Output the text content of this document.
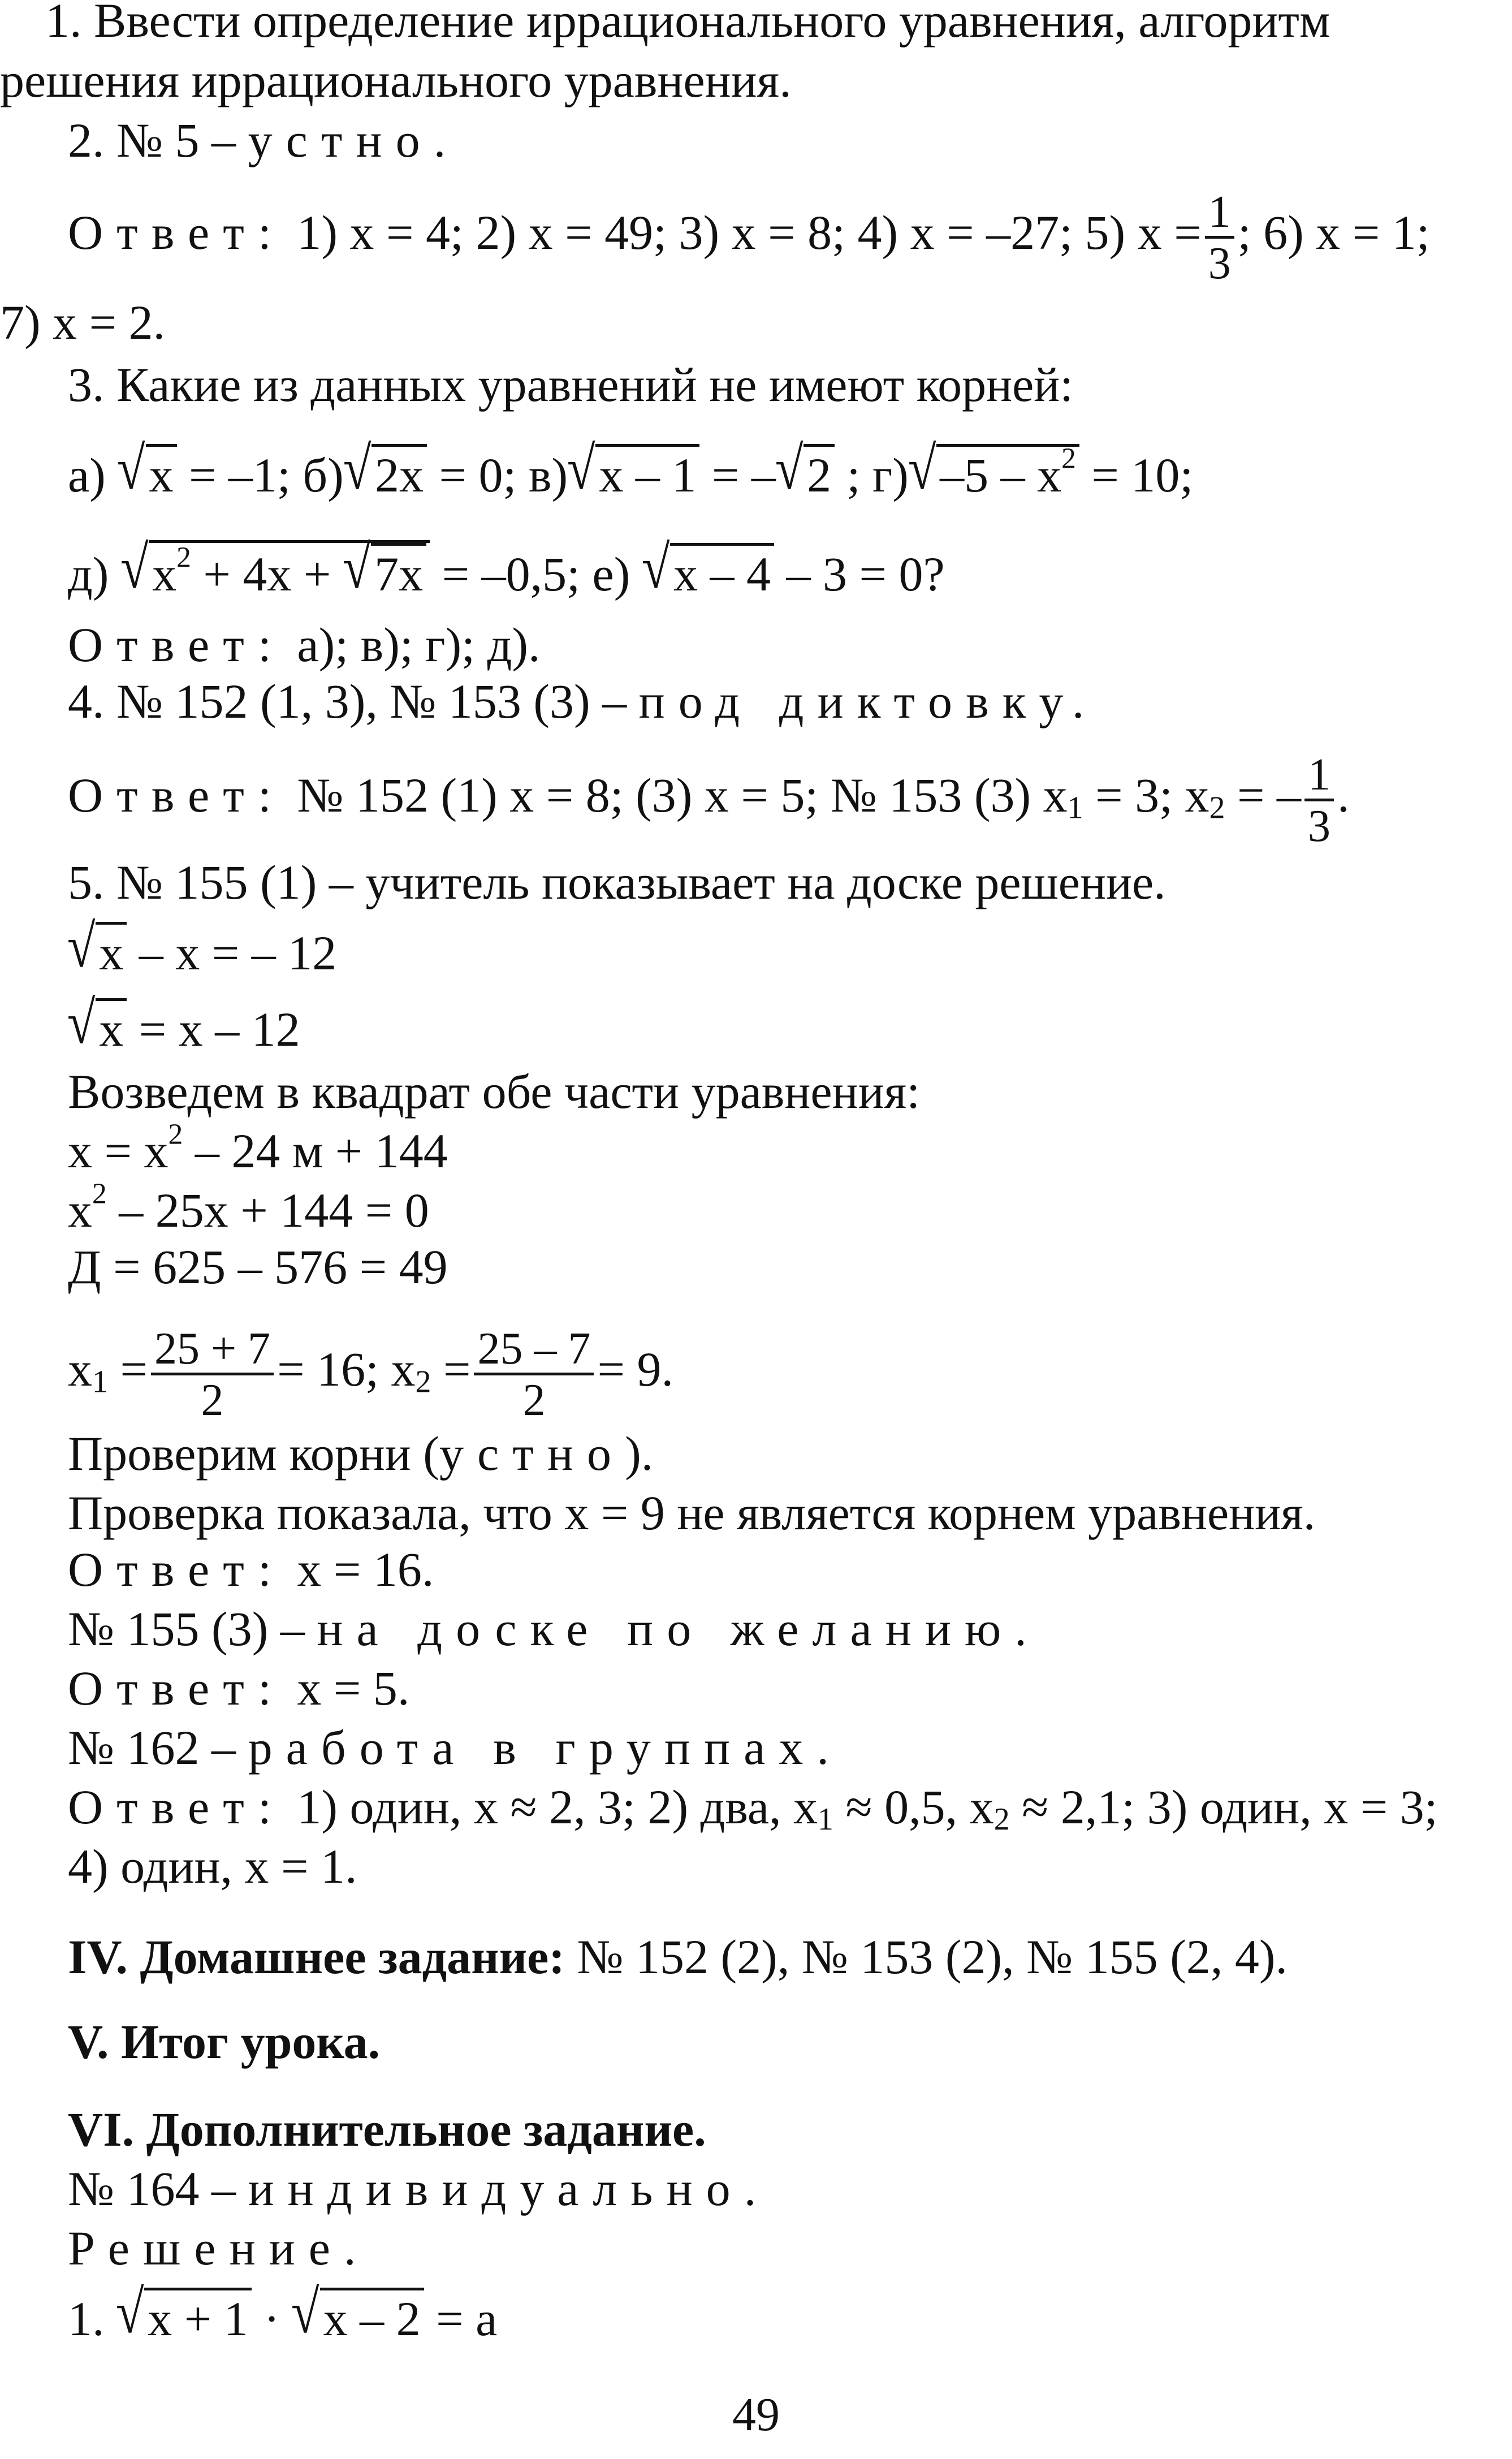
1. Ввести определение иррационального уравнения, алгоритм
решения иррационального уравнения.
2. № 5 – устно.
Ответ: 1) x = 4; 2) x = 49; 3) x = 8; 4) x = –27; 5) $x = \frac{1}{3}$ ; 6) x = 1;
7) x = 2.
3. Какие из данных уравнений не имеют корней:
а) √x = –1; б)√2x = 0; в)√x – 1 = –√2 ; $г)√-5 - x^2 = 10$;
д) $√x^2 + 4x + √7x = -0,5$; е) √x – 4 – 3 = 0?
Ответ: а); в); г); д).
4. № 152 (1, 3), № 153 (3) – под диктовку.
Ответ: № 152 (1) x = 8; (3) x = 5; № 153 (3) $x_1 = 3$; $x_2$ = – $\frac{1}{3}$ .
5. № 155 (1) – учитель показывает на доске решение.
√x – x = – 12
√x = x – 12
Возведем в квадрат обе части уравнения:
$x = x^2 - 24$ м + 144
$x^2 - 25x + 144 = 0$
Д = 625 – 576 = 49
$x_1 = \frac{25 + 7}{2} = 16$; $x_2 = \frac{25 - 7}{2} = 9$.
Проверим корни (устно).
Проверка показала, что x = 9 не является корнем уравнения.
Ответ: x = 16.
№ 155 (3) – на доске по желанию.
Ответ: x = 5.
№ 162 – работа в группах.
Ответ: 1) один, x ≈ 2, 3; 2) два, $x_1 \approx 0,5$, $x_2 \approx 2,1$; 3) один, x = 3;
4) один, x = 1.
IV. Домашнее задание: № 152 (2), № 153 (2), № 155 (2, 4).
V. Итог урока.
VI. Дополнительное задание.
№ 164 – индивидуально.
Решение.
1. √x + 1 · √x – 2 = a
49
